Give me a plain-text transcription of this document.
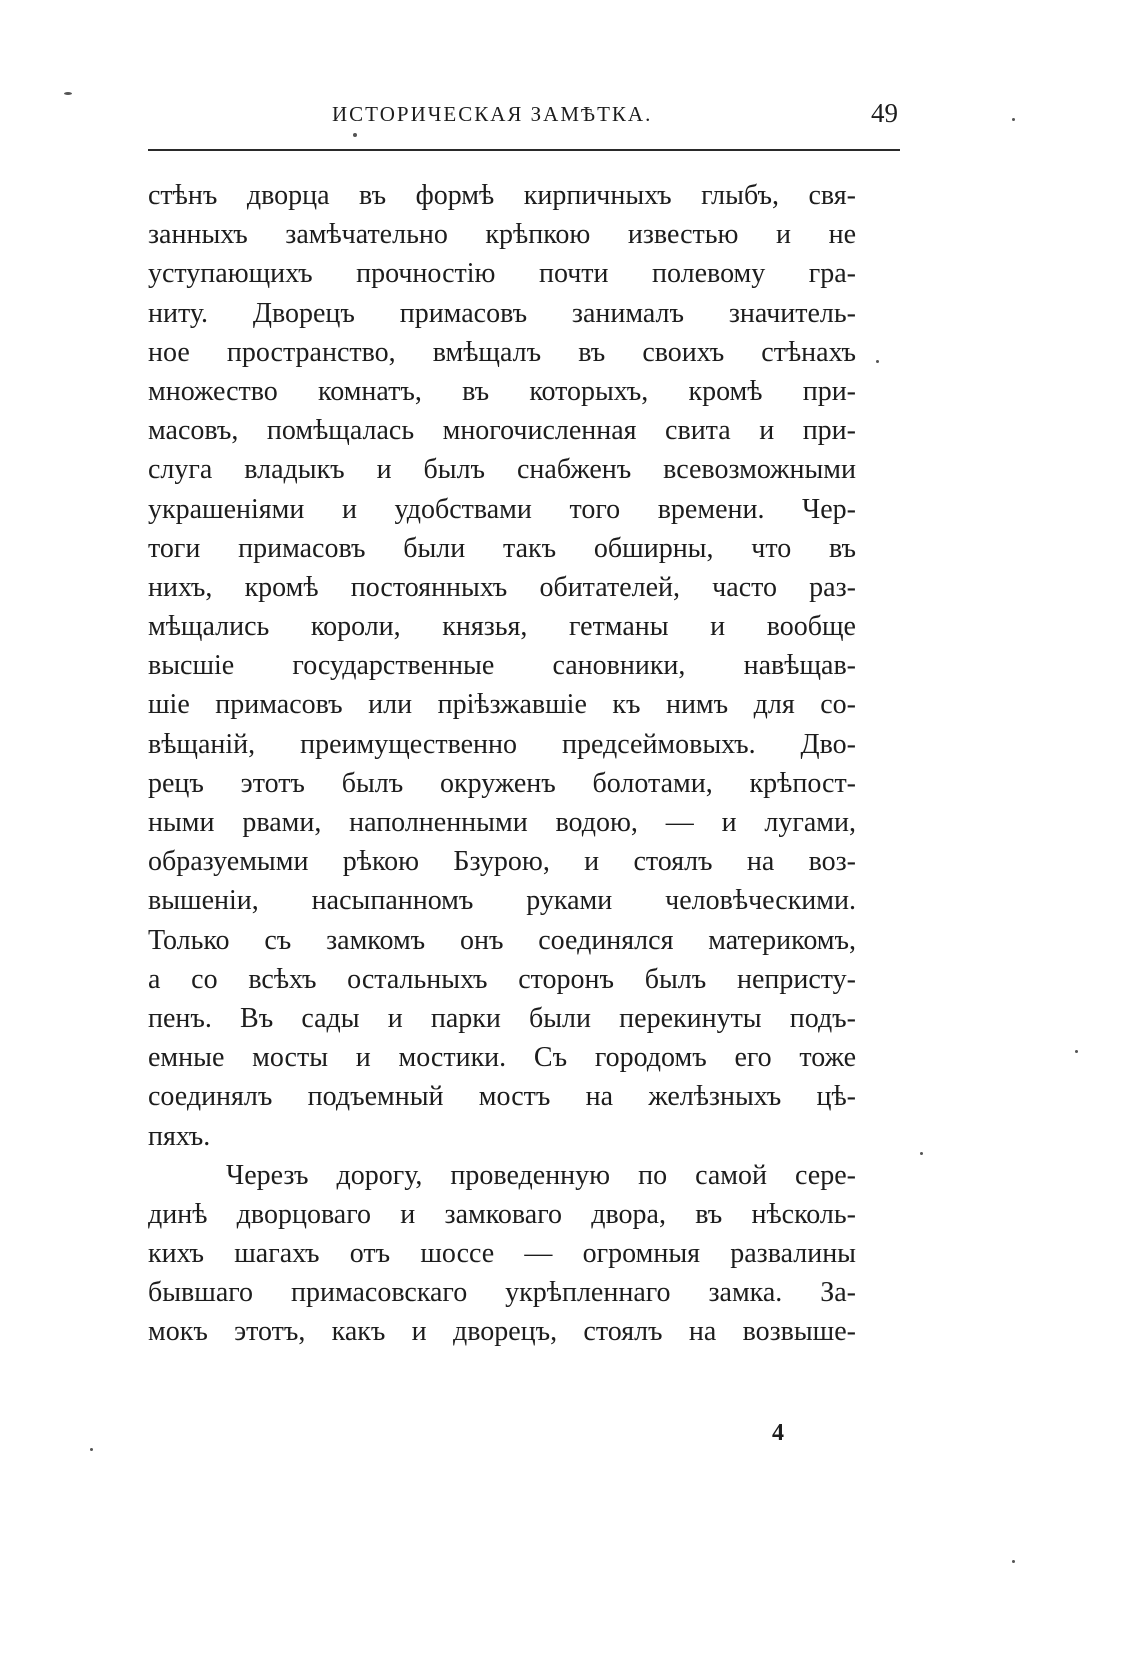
ИСТОРИЧЕСКАЯ ЗАМѢТКА.	49
стѣнъ дворца въ формѣ кирпичныхъ глыбъ, свя-
занныхъ замѣчательно крѣпкою известью и не
уступающихъ прочностію почти полевому гра-
ниту. Дворецъ примасовъ занималъ значитель-
ное пространство, вмѣщалъ въ своихъ стѣнахъ
множество комнатъ, въ которыхъ, кромѣ при-
масовъ, помѣщалась многочисленная свита и при-
слуга владыкъ и былъ снабженъ всевозможными
украшеніями и удобствами того времени. Чер-
тоги примасовъ были такъ обширны, что въ
нихъ, кромѣ постоянныхъ обитателей, часто раз-
мѣщались короли, князья, гетманы и вообще
высшіе государственные сановники, навѣщав-
шіе примасовъ или пріѣзжавшіе къ нимъ для со-
вѣщаній, преимущественно предсеймовыхъ. Дво-
рецъ этотъ былъ окруженъ болотами, крѣпост-
ными рвами, наполненными водою, — и лугами,
образуемыми рѣкою Бзурою, и стоялъ на воз-
вышеніи, насыпанномъ руками человѣческими.
Только съ замкомъ онъ соединялся материкомъ,
а со всѣхъ остальныхъ сторонъ былъ непристу-
пенъ. Въ сады и парки были перекинуты подъ-
емные мосты и мостики. Съ городомъ его тоже
соединялъ подъемный мостъ на желѣзныхъ цѣ-
пяхъ.
Черезъ дорогу, проведенную по самой сере-
динѣ дворцоваго и замковаго двора, въ нѣсколь-
кихъ шагахъ отъ шоссе — огромныя развалины
бывшаго примасовскаго укрѣпленнаго замка. За-
мокъ этотъ, какъ и дворецъ, стоялъ на возвыше-
4
